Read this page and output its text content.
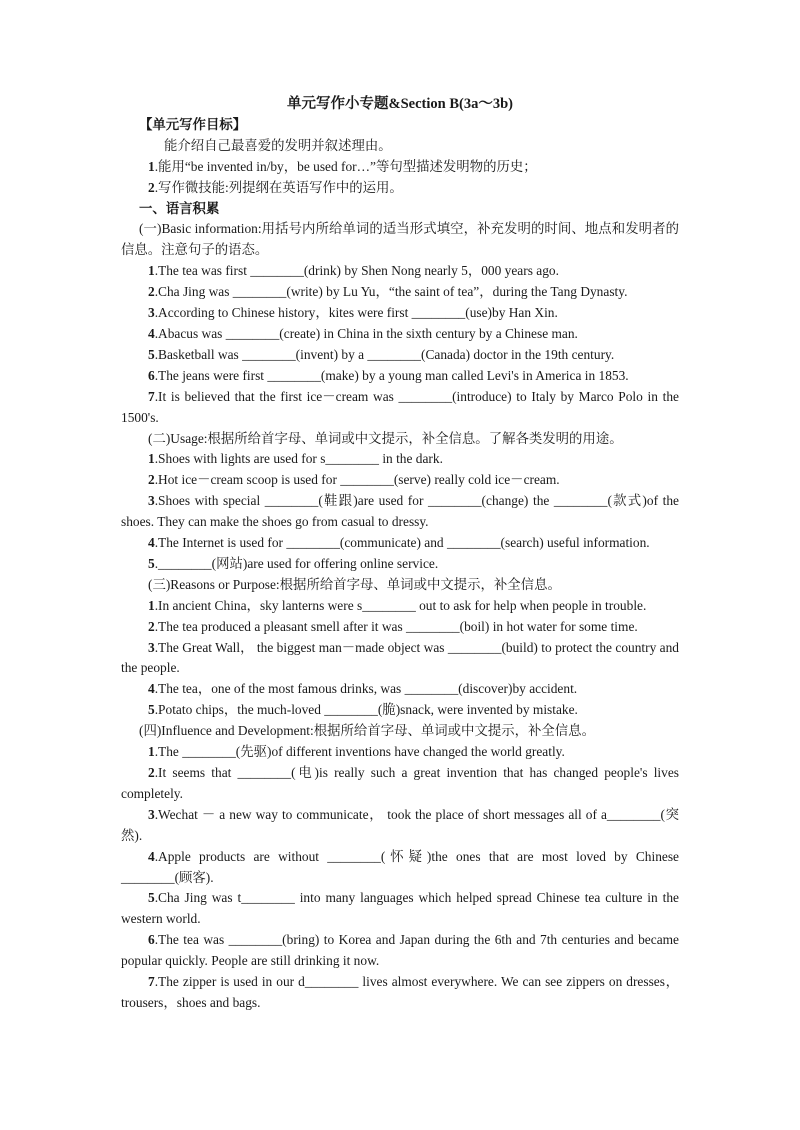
单元写作小专题&Section B(3a～3b)
【单元写作目标】
能介绍自己最喜爱的发明并叙述理由。
1.能用“be invented in/by，be used for…”等句型描述发明物的历史；
2.写作微技能:列提纲在英语写作中的运用。
一、语言积累
(一)Basic information:用括号内所给单词的适当形式填空，补充发明的时间、地点和发明者的信息。注意句子的语态。
1.The tea was first ________(drink) by Shen Nong nearly 5，000 years ago.
2.Cha Jing was ________(write) by Lu Yu，“the saint of tea”，during the Tang Dynasty.
3.According to Chinese history，kites were first ________(use)by Han Xin.
4.Abacus was ________(create) in China in the sixth century by a Chinese man.
5.Basketball was ________(invent) by a ________(Canada) doctor in the 19th century.
6.The jeans were first ________(make) by a young man called Levi's in America in 1853.
7.It is believed that the first ice－cream was ________(introduce) to Italy by Marco Polo in the 1500's.
(二)Usage:根据所给首字母、单词或中文提示，补全信息。了解各类发明的用途。
1.Shoes with lights are used for s________ in the dark.
2.Hot ice－cream scoop is used for ________(serve) really cold ice－cream.
3.Shoes with special ________(鞋跟)are used for ________(change) the ________(款式)of the shoes. They can make the shoes go from casual to dressy.
4.The Internet is used for ________(communicate) and ________(search) useful information.
5.________(网站)are used for offering online service.
(三)Reasons or Purpose:根据所给首字母、单词或中文提示，补全信息。
1.In ancient China，sky lanterns were s________ out to ask for help when people in trouble.
2.The tea produced a pleasant smell after it was ________(boil) in hot water for some time.
3.The Great Wall， the biggest man－made object was ________(build) to protect the country and the people.
4.The tea，one of the most famous drinks, was ________(discover)by accident.
5.Potato chips，the much-loved ________(脆)snack, were invented by mistake.
(四)Influence and Development:根据所给首字母、单词或中文提示，补全信息。
1.The ________(先驱)of different inventions have changed the world greatly.
2.It seems that ________(电)is really such a great invention that has changed people's lives completely.
3.Wechat － a new way to communicate， took the place of short messages all of a________(突然).
4.Apple products are without ________(怀疑)the ones that are most loved by Chinese ________(顾客).
5.Cha Jing was t________ into many languages which helped spread Chinese tea culture in the western world.
6.The tea was ________(bring) to Korea and Japan during the 6th and 7th centuries and became popular quickly. People are still drinking it now.
7.The zipper is used in our d________ lives almost everywhere. We can see zippers on dresses，trousers，shoes and bags.
